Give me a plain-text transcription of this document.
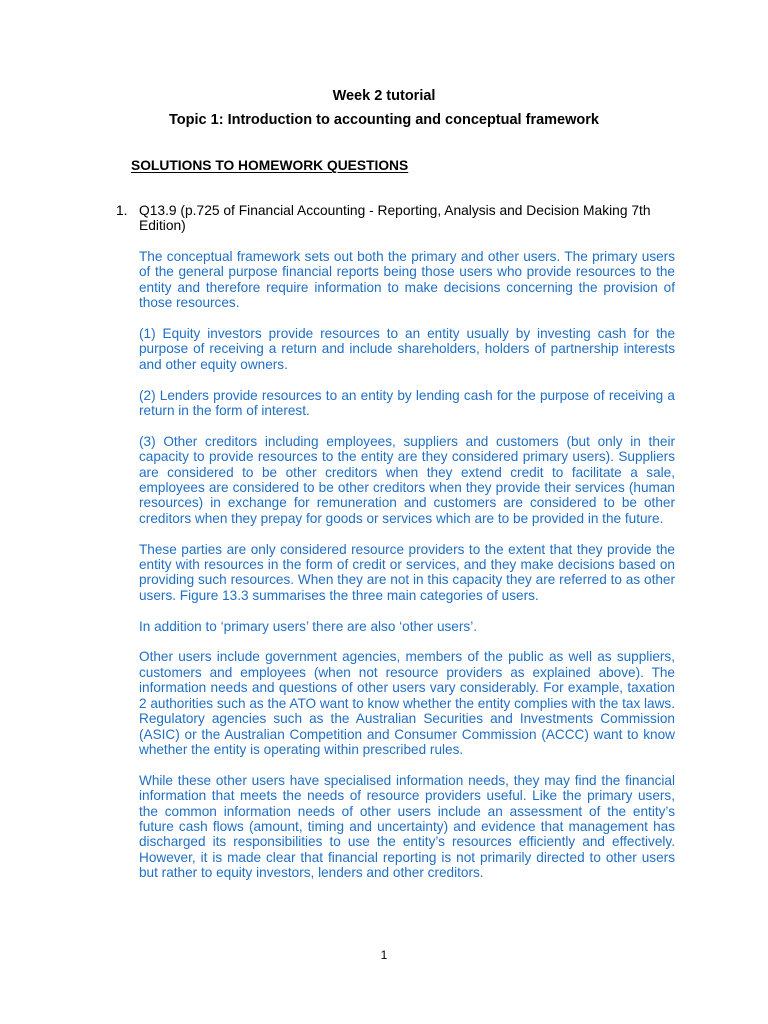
Week 2 tutorial
Topic 1: Introduction to accounting and conceptual framework
SOLUTIONS TO HOMEWORK QUESTIONS
1. Q13.9 (p.725 of Financial Accounting - Reporting, Analysis and Decision Making 7th Edition)

The conceptual framework sets out both the primary and other users. The primary users of the general purpose financial reports being those users who provide resources to the entity and therefore require information to make decisions concerning the provision of those resources.

(1) Equity investors provide resources to an entity usually by investing cash for the purpose of receiving a return and include shareholders, holders of partnership interests and other equity owners.

(2) Lenders provide resources to an entity by lending cash for the purpose of receiving a return in the form of interest.

(3) Other creditors including employees, suppliers and customers (but only in their capacity to provide resources to the entity are they considered primary users). Suppliers are considered to be other creditors when they extend credit to facilitate a sale, employees are considered to be other creditors when they provide their services (human resources) in exchange for remuneration and customers are considered to be other creditors when they prepay for goods or services which are to be provided in the future.

These parties are only considered resource providers to the extent that they provide the entity with resources in the form of credit or services, and they make decisions based on providing such resources. When they are not in this capacity they are referred to as other users. Figure 13.3 summarises the three main categories of users.

In addition to ‘primary users’ there are also ‘other users’.

Other users include government agencies, members of the public as well as suppliers, customers and employees (when not resource providers as explained above). The information needs and questions of other users vary considerably. For example, taxation 2 authorities such as the ATO want to know whether the entity complies with the tax laws. Regulatory agencies such as the Australian Securities and Investments Commission (ASIC) or the Australian Competition and Consumer Commission (ACCC) want to know whether the entity is operating within prescribed rules.

While these other users have specialised information needs, they may find the financial information that meets the needs of resource providers useful. Like the primary users, the common information needs of other users include an assessment of the entity’s future cash flows (amount, timing and uncertainty) and evidence that management has discharged its responsibilities to use the entity’s resources efficiently and effectively. However, it is made clear that financial reporting is not primarily directed to other users but rather to equity investors, lenders and other creditors.

1
